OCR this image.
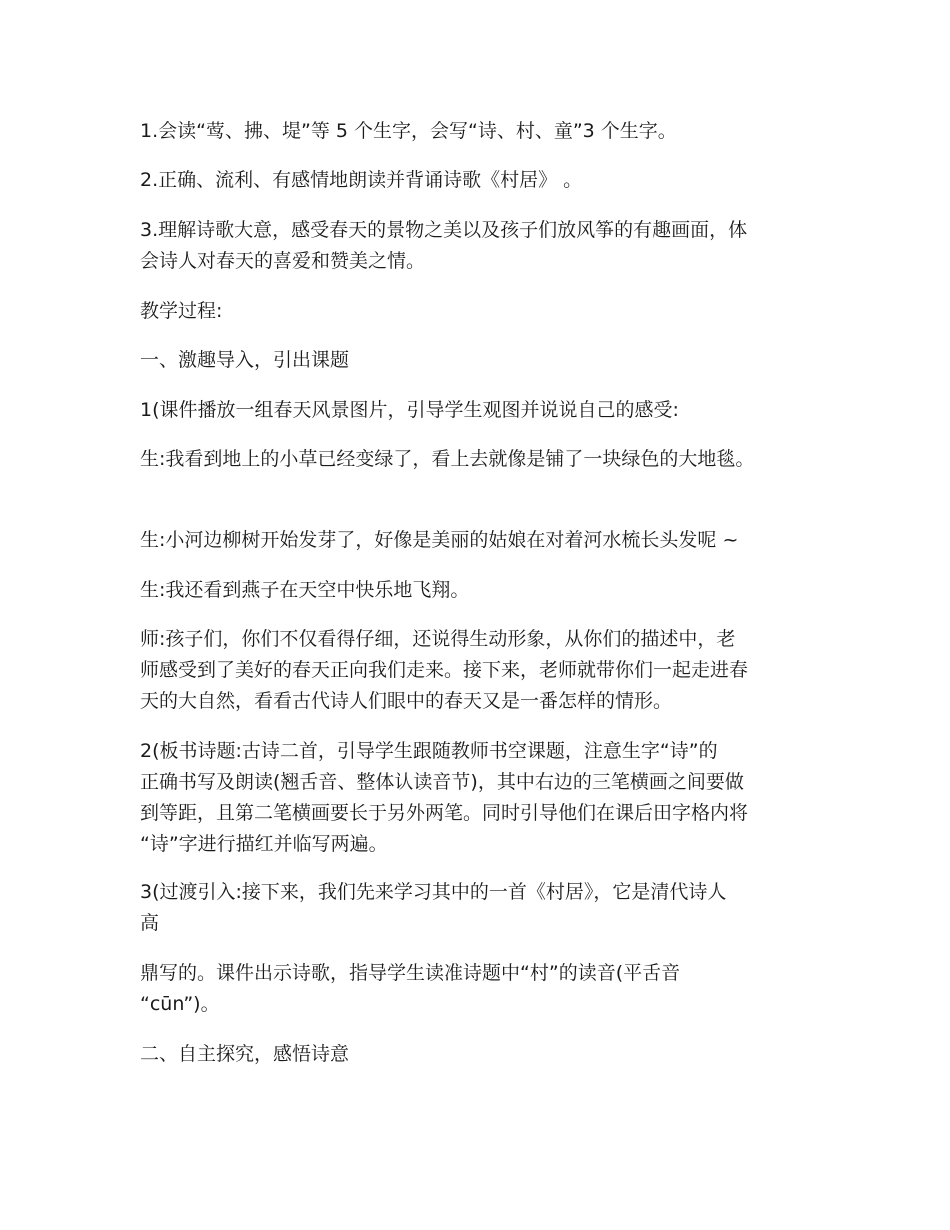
1.会读“莺、拂、堤”等 5 个生字，会写“诗、村、童”3 个生字。

2.正确、流利、有感情地朗读并背诵诗歌《村居》 。

3.理解诗歌大意，感受春天的景物之美以及孩子们放风筝的有趣画面，体
会诗人对春天的喜爱和赞美之情。

教学过程:

一、激趣导入，引出课题

1(课件播放一组春天风景图片，引导学生观图并说说自己的感受:

生:我看到地上的小草已经变绿了，看上去就像是铺了一块绿色的大地毯。

生:小河边柳树开始发芽了，好像是美丽的姑娘在对着河水梳长头发呢 ~

生:我还看到燕子在天空中快乐地飞翔。

师:孩子们，你们不仅看得仔细，还说得生动形象，从你们的描述中，老
师感受到了美好的春天正向我们走来。接下来，老师就带你们一起走进春
天的大自然，看看古代诗人们眼中的春天又是一番怎样的情形。

2(板书诗题:古诗二首，引导学生跟随教师书空课题，注意生字“诗”的
正确书写及朗读(翘舌音、整体认读音节)，其中右边的三笔横画之间要做
到等距，且第二笔横画要长于另外两笔。同时引导他们在课后田字格内将
“诗”字进行描红并临写两遍。

3(过渡引入:接下来，我们先来学习其中的一首《村居》，它是清代诗人
高

鼎写的。课件出示诗歌，指导学生读准诗题中“村”的读音(平舌音
“cūn”)。

二、自主探究，感悟诗意
